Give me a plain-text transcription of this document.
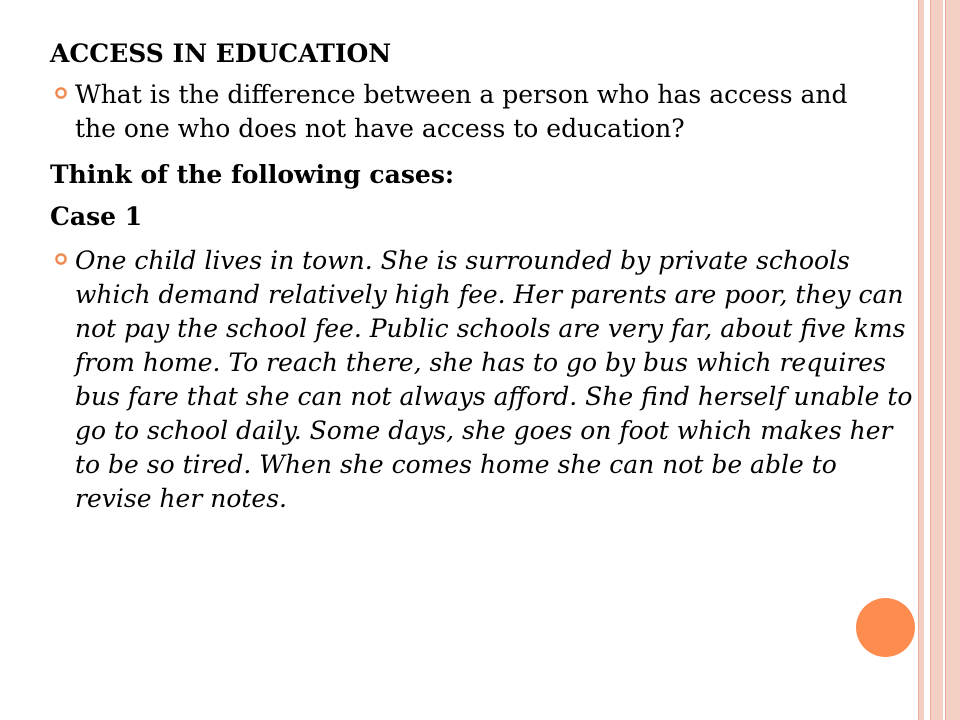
ACCESS IN EDUCATION

What is the difference between a person who has access and the one who does not have access to education?

Think of the following cases:
Case 1

One child lives in town. She is surrounded by private schools which demand relatively high fee. Her parents are poor, they can not pay the school fee. Public schools are very far, about five kms from home. To reach there, she has to go by bus which requires bus fare that she can not always afford. She find herself unable to go to school daily. Some days, she goes on foot which makes her to be so tired. When she comes home she can not be able to revise her notes.
